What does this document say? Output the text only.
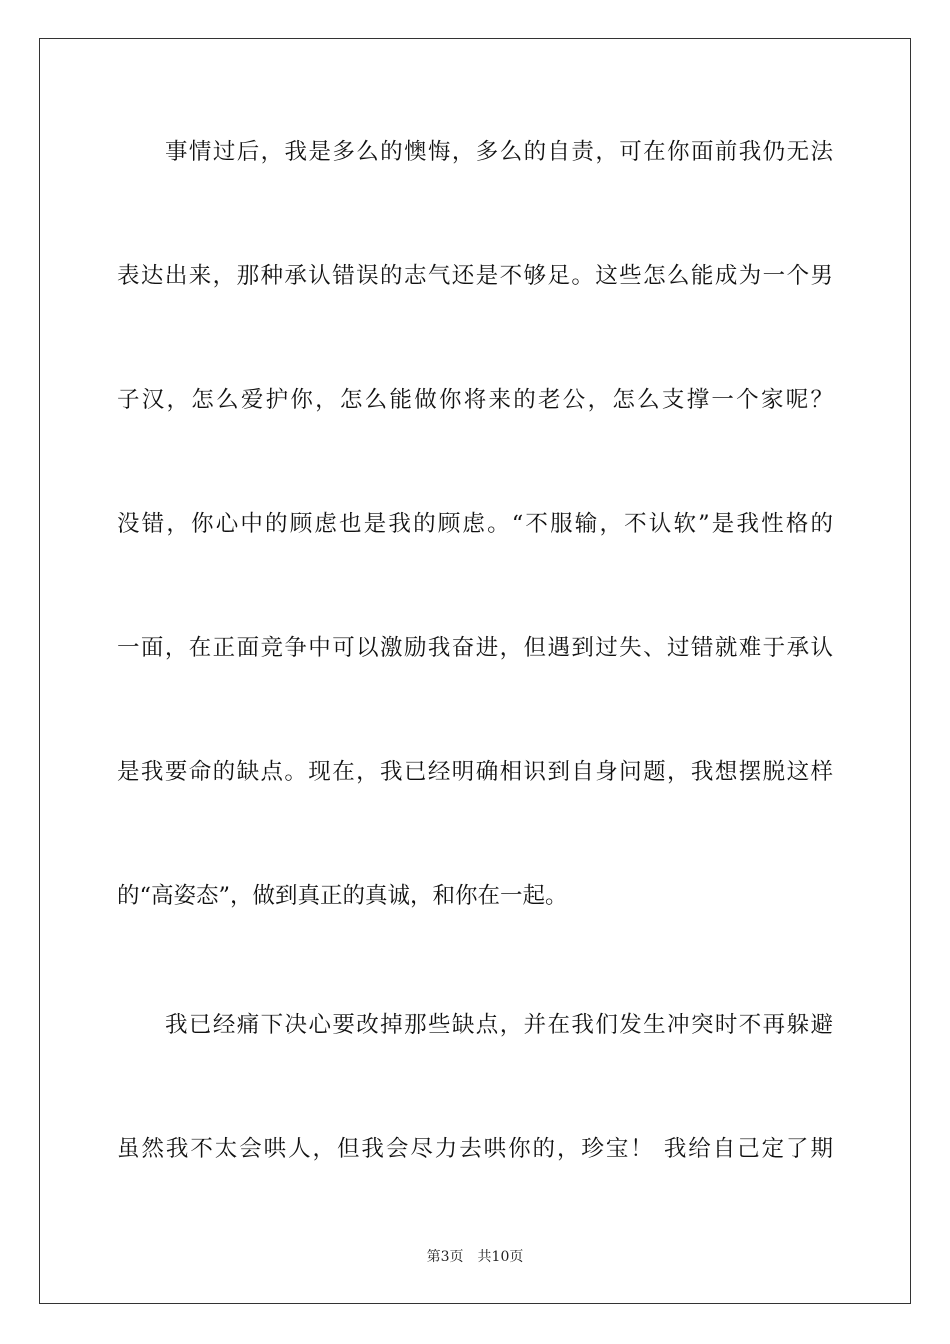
事情过后，我是多么的懊悔，多么的自责，可在你面前我仍无法
表达出来，那种承认错误的志气还是不够足。这些怎么能成为一个男
子汉，怎么爱护你，怎么能做你将来的老公，怎么支撑一个家呢？
没错，你心中的顾虑也是我的顾虑。“不服输，不认软”是我性格的
一面，在正面竞争中可以激励我奋进，但遇到过失、过错就难于承认
是我要命的缺点。现在，我已经明确相识到自身问题，我想摆脱这样
的“高姿态”，做到真正的真诚，和你在一起。
我已经痛下决心要改掉那些缺点，并在我们发生冲突时不再躲避
虽然我不太会哄人，但我会尽力去哄你的，珍宝！ 我给自己定了期
第3页　共10页
